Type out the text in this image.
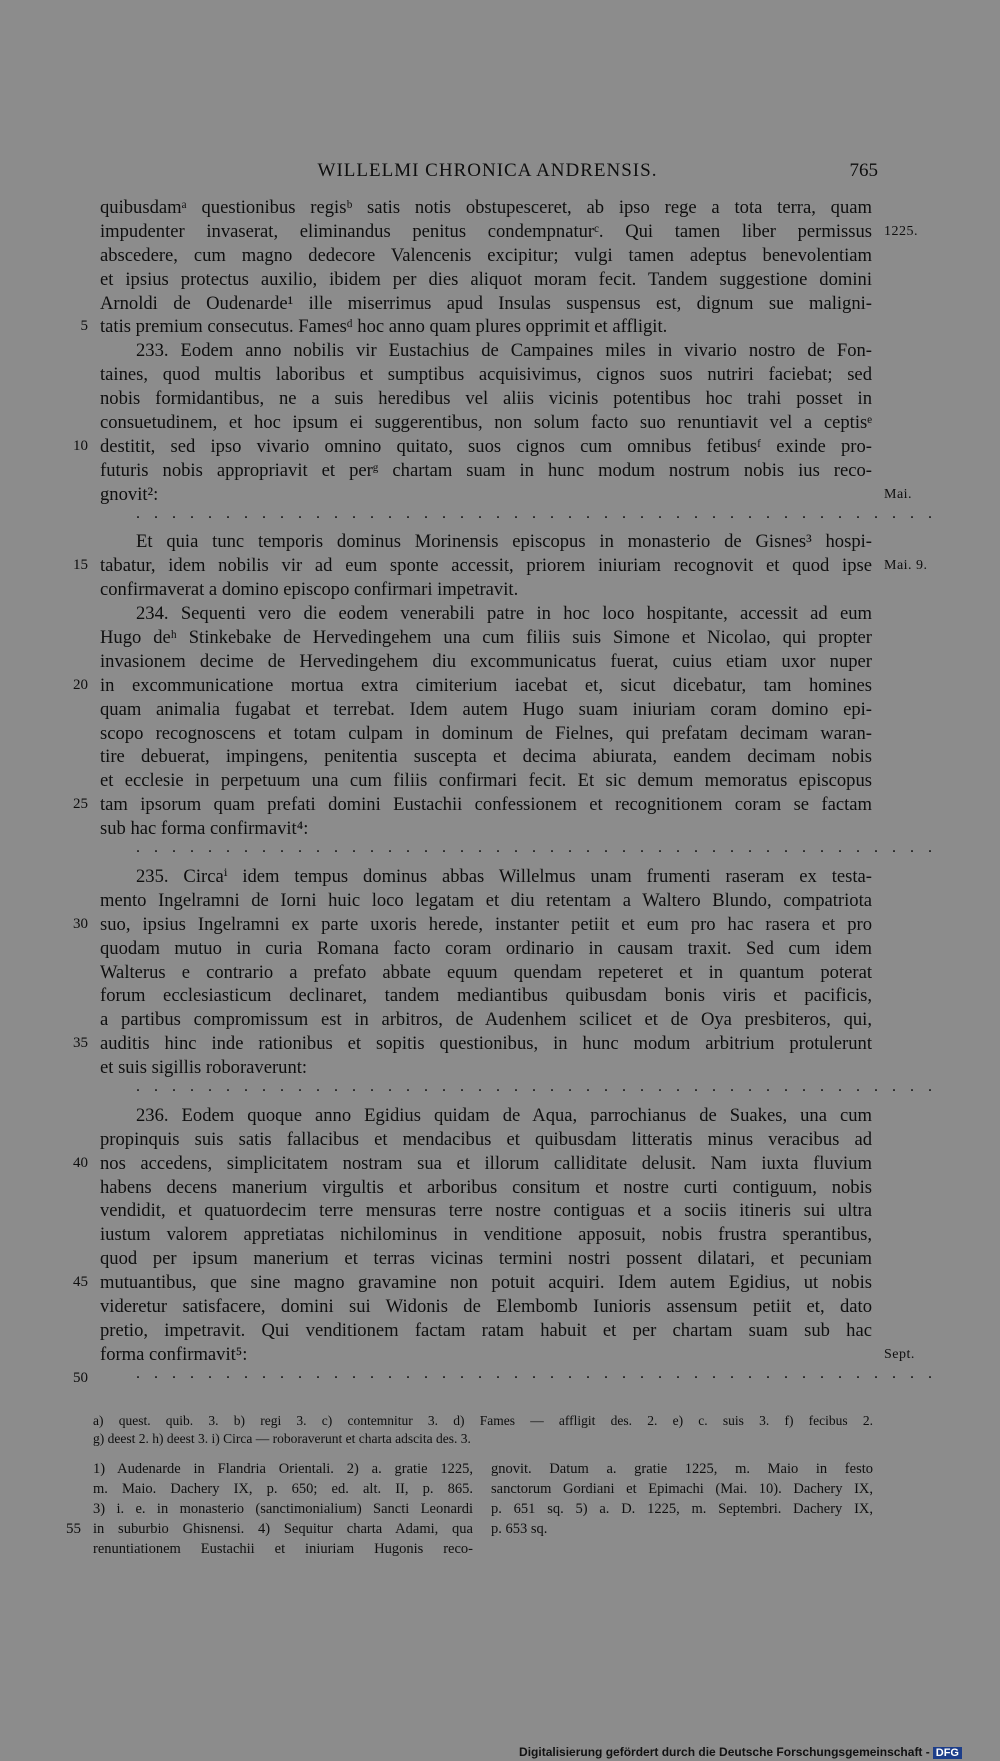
WILLELMI CHRONICA ANDRENSIS.	765
quibusdamᵃ questionibus regisᵇ satis notis obstupesceret, ab ipso rege a tota terra, quam
1225.
impudenter invaserat, eliminandus penitus condempnaturᶜ. Qui tamen liber permissus
abscedere, cum magno dedecore Valencenis excipitur; vulgi tamen adeptus benevolentiam
et ipsius protectus auxilio, ibidem per dies aliquot moram fecit. Tandem suggestione domini
Arnoldi de Oudenarde¹ ille miserrimus apud Insulas suspensus est, dignum sue maligni-
5 tatis premium consecutus. Famesᵈ hoc anno quam plures opprimit et affligit.
233. Eodem anno nobilis vir Eustachius de Campaines miles in vivario nostro de Fon-
taines, quod multis laboribus et sumptibus acquisivimus, cignos suos nutriri faciebat; sed
nobis formidantibus, ne a suis heredibus vel aliis vicinis potentibus hoc trahi posset in
consuetudinem, et hoc ipsum ei suggerentibus, non solum facto suo renuntiavit vel a ceptisᵉ
10 destitit, sed ipso vivario omnino quitato, suos cignos cum omnibus fetibusᶠ exinde pro-
futuris nobis appropriavit et perᵍ chartam suam in hunc modum nostrum nobis ius reco-
Mai.
gnovit²:
.............................................
Et quia tunc temporis dominus Morinensis episcopus in monasterio de Gisnes³ hospi-
15	Mai. 9.
tabatur, idem nobilis vir ad eum sponte accessit, priorem iniuriam recognovit et quod ipse
confirmaverat a domino episcopo confirmari impetravit.
234. Sequenti vero die eodem venerabili patre in hoc loco hospitante, accessit ad eum
Hugo deʰ Stinkebake de Hervedingehem una cum filiis suis Simone et Nicolao, qui propter
invasionem decime de Hervedingehem diu excommunicatus fuerat, cuius etiam uxor nuper
20 in excommunicatione mortua extra cimiterium iacebat et, sicut dicebatur, tam homines
quam animalia fugabat et terrebat. Idem autem Hugo suam iniuriam coram domino epi-
scopo recognoscens et totam culpam in dominum de Fielnes, qui prefatam decimam waran-
tire debuerat, impingens, penitentia suscepta et decima abiurata, eandem decimam nobis
et ecclesie in perpetuum una cum filiis confirmari fecit. Et sic demum memoratus episcopus
25 tam ipsorum quam prefati domini Eustachii confessionem et recognitionem coram se factam
sub hac forma confirmavit⁴:
.............................................
235. Circaⁱ idem tempus dominus abbas Willelmus unam frumenti raseram ex testa-
mento Ingelramni de Iorni huic loco legatam et diu retentam a Waltero Blundo, compatriota
30 suo, ipsius Ingelramni ex parte uxoris herede, instanter petiit et eum pro hac rasera et pro
quodam mutuo in curia Romana facto coram ordinario in causam traxit. Sed cum idem
Walterus e contrario a prefato abbate equum quendam repeteret et in quantum poterat
forum ecclesiasticum declinaret, tandem mediantibus quibusdam bonis viris et pacificis,
a partibus compromissum est in arbitros, de Audenhem scilicet et de Oya presbiteros, qui,
35 auditis hinc inde rationibus et sopitis questionibus, in hunc modum arbitrium protulerunt
et suis sigillis roboraverunt:
.............................................
236. Eodem quoque anno Egidius quidam de Aqua, parrochianus de Suakes, una cum
propinquis suis satis fallacibus et mendacibus et quibusdam litteratis minus veracibus ad
40 nos accedens, simplicitatem nostram sua et illorum calliditate delusit. Nam iuxta fluvium
habens decens manerium virgultis et arboribus consitum et nostre curti contiguum, nobis
vendidit, et quatuordecim terre mensuras terre nostre contiguas et a sociis itineris sui ultra
iustum valorem appretiatas nichilominus in venditione apposuit, nobis frustra sperantibus,
quod per ipsum manerium et terras vicinas termini nostri possent dilatari, et pecuniam
45 mutuantibus, que sine magno gravamine non potuit acquiri. Idem autem Egidius, ut nobis
videretur satisfacere, domini sui Widonis de Elembomb Iunioris assensum petiit et, dato
pretio, impetravit. Qui venditionem factam ratam habuit et per chartam suam sub hac
Sept.
forma confirmavit⁵:
.............................................
50
a) quest. quib. 3. b) regi 3. c) contemnitur 3. d) Fames — affligit des. 2. e) c. suis 3. f) fecibus 2.
g) deest 2. h) deest 3. i) Circa — roboraverunt et charta adscita des. 3.
1) Audenarde in Flandria Orientali. 2) a. gratie 1225,
m. Maio. Dachery IX, p. 650; ed. alt. II, p. 865.
3) i. e. in monasterio (sanctimonialium) Sancti Leonardi
55 in suburbio Ghisnensi. 4) Sequitur charta Adami, qua
renuntiationem Eustachii et iniuriam Hugonis reco-
gnovit. Datum a. gratie 1225, m. Maio in festo
sanctorum Gordiani et Epimachi (Mai. 10). Dachery IX,
p. 651 sq. 5) a. D. 1225, m. Septembri. Dachery IX,
p. 653 sq.
Digitalisierung gefördert durch die Deutsche Forschungsgemeinschaft - DFG
